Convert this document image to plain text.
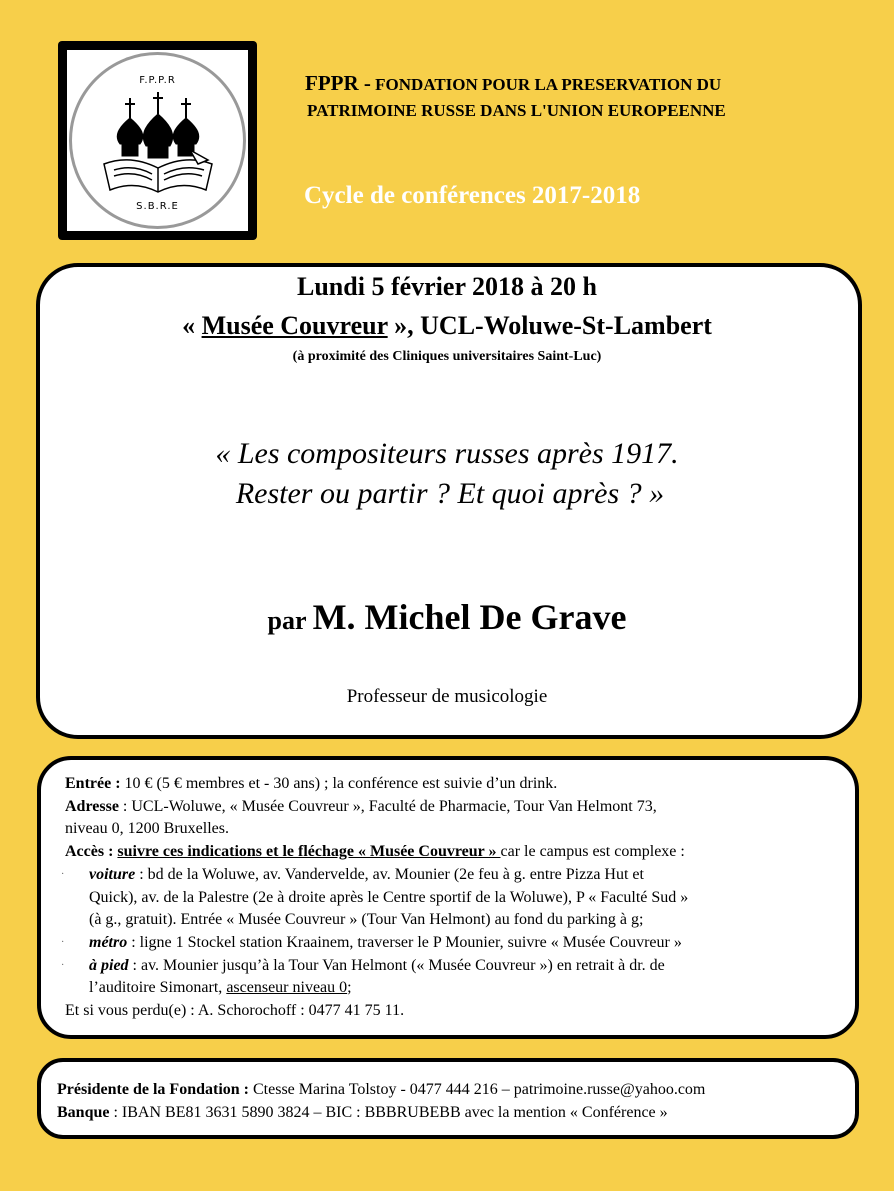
F.P.P.R
S.B.R.E
FPPR - FONDATION POUR LA PRESERVATION DU
PATRIMOINE RUSSE DANS L'UNION EUROPEENNE
Cycle de conférences 2017-2018
Lundi 5 février 2018 à 20 h
« Musée Couvreur », UCL-Woluwe-St-Lambert
(à proximité des Cliniques universitaires Saint-Luc)
« Les compositeurs russes après 1917.
Rester ou partir ? Et quoi après ? »
par M. Michel De Grave
Professeur de musicologie

Entrée : 10 € (5 € membres et - 30 ans) ; la conférence est suivie d’un drink.

Adresse : UCL-Woluwe, « Musée Couvreur », Faculté de Pharmacie, Tour Van Helmont 73,

niveau 0, 1200 Bruxelles.

Accès : suivre ces indications et le fléchage « Musée Couvreur » car le campus est complexe :

· voiture : bd de la Woluwe, av. Vandervelde, av. Mounier (2e feu à g. entre Pizza Hut et

Quick), av. de la Palestre (2e à droite après le Centre sportif de la Woluwe), P « Faculté Sud »

(à g., gratuit). Entrée « Musée Couvreur » (Tour Van Helmont) au fond du parking à g;

· métro : ligne 1 Stockel station Kraainem, traverser le P Mounier, suivre « Musée Couvreur »

· à pied : av. Mounier jusqu’à la Tour Van Helmont (« Musée Couvreur ») en retrait à dr. de

l’auditoire Simonart, ascenseur niveau 0;

Et si vous perdu(e) : A. Schorochoff : 0477 41 75 11.

Présidente de la Fondation : Ctesse Marina Tolstoy - 0477 444 216 – patrimoine.russe@yahoo.com

Banque : IBAN BE81 3631 5890 3824 – BIC : BBBRUBEBB avec la mention « Conférence »
